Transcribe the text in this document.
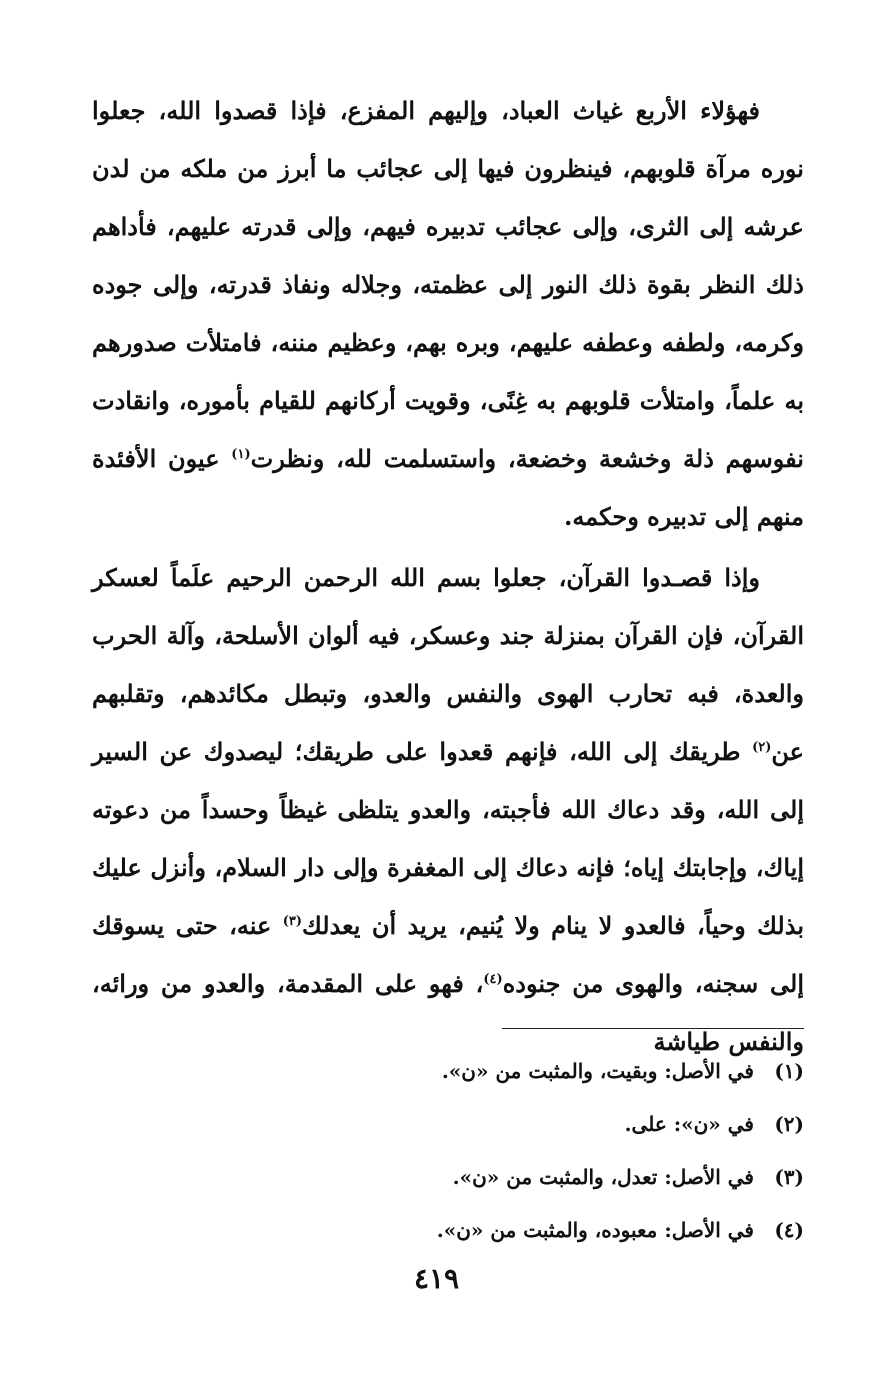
فهؤلاء الأربع غياث العباد، وإليهم المفزع، فإذا قصدوا الله، جعلوا نوره مرآة قلوبهم، فينظرون فيها إلى عجائب ما أبرز من ملكه من لدن عرشه إلى الثرى، وإلى عجائب تدبيره فيهم، وإلى قدرته عليهم، فأداهم ذلك النظر بقوة ذلك النور إلى عظمته، وجلاله ونفاذ قدرته، وإلى جوده وكرمه، ولطفه وعطفه عليهم، وبره بهم، وعظيم مننه، فامتلأت صدورهم به علماً، وامتلأت قلوبهم به غِنًى، وقويت أركانهم للقيام بأموره، وانقادت نفوسهم ذلة وخشعة وخضعة، واستسلمت لله، ونظرت$^{(١)}$ عيون الأفئدة منهم إلى تدبيره وحكمه.

وإذا قصـدوا القرآن، جعلوا بسم الله الرحمن الرحيم علَماً لعسكر القرآن، فإن القرآن بمنزلة جند وعسكر، فيه ألوان الأسلحة، وآلة الحرب والعدة، فبه تحارب الهوى والنفس والعدو، وتبطل مكائدهم، وتقلبهم عن$^{(٢)}$ طريقك إلى الله، فإنهم قعدوا على طريقك؛ ليصدوك عن السير إلى الله، وقد دعاك الله فأجبته، والعدو يتلظى غيظاً وحسداً من دعوته إياك، وإجابتك إياه؛ فإنه دعاك إلى المغفرة وإلى دار السلام، وأنزل عليك بذلك وحياً، فالعدو لا ينام ولا يُنيم، يريد أن يعدلك$^{(٣)}$ عنه، حتى يسوقك إلى سجنه، والهوى من جنوده$^{(٤)}$، فهو على المقدمة، والعدو من ورائه، والنفس طياشة

(١)في الأصل: وبقيت، والمثبت من «ن».
(٢)في «ن»: على.
(٣)في الأصل: تعدل، والمثبت من «ن».
(٤)في الأصل: معبوده، والمثبت من «ن».
٤١٩
